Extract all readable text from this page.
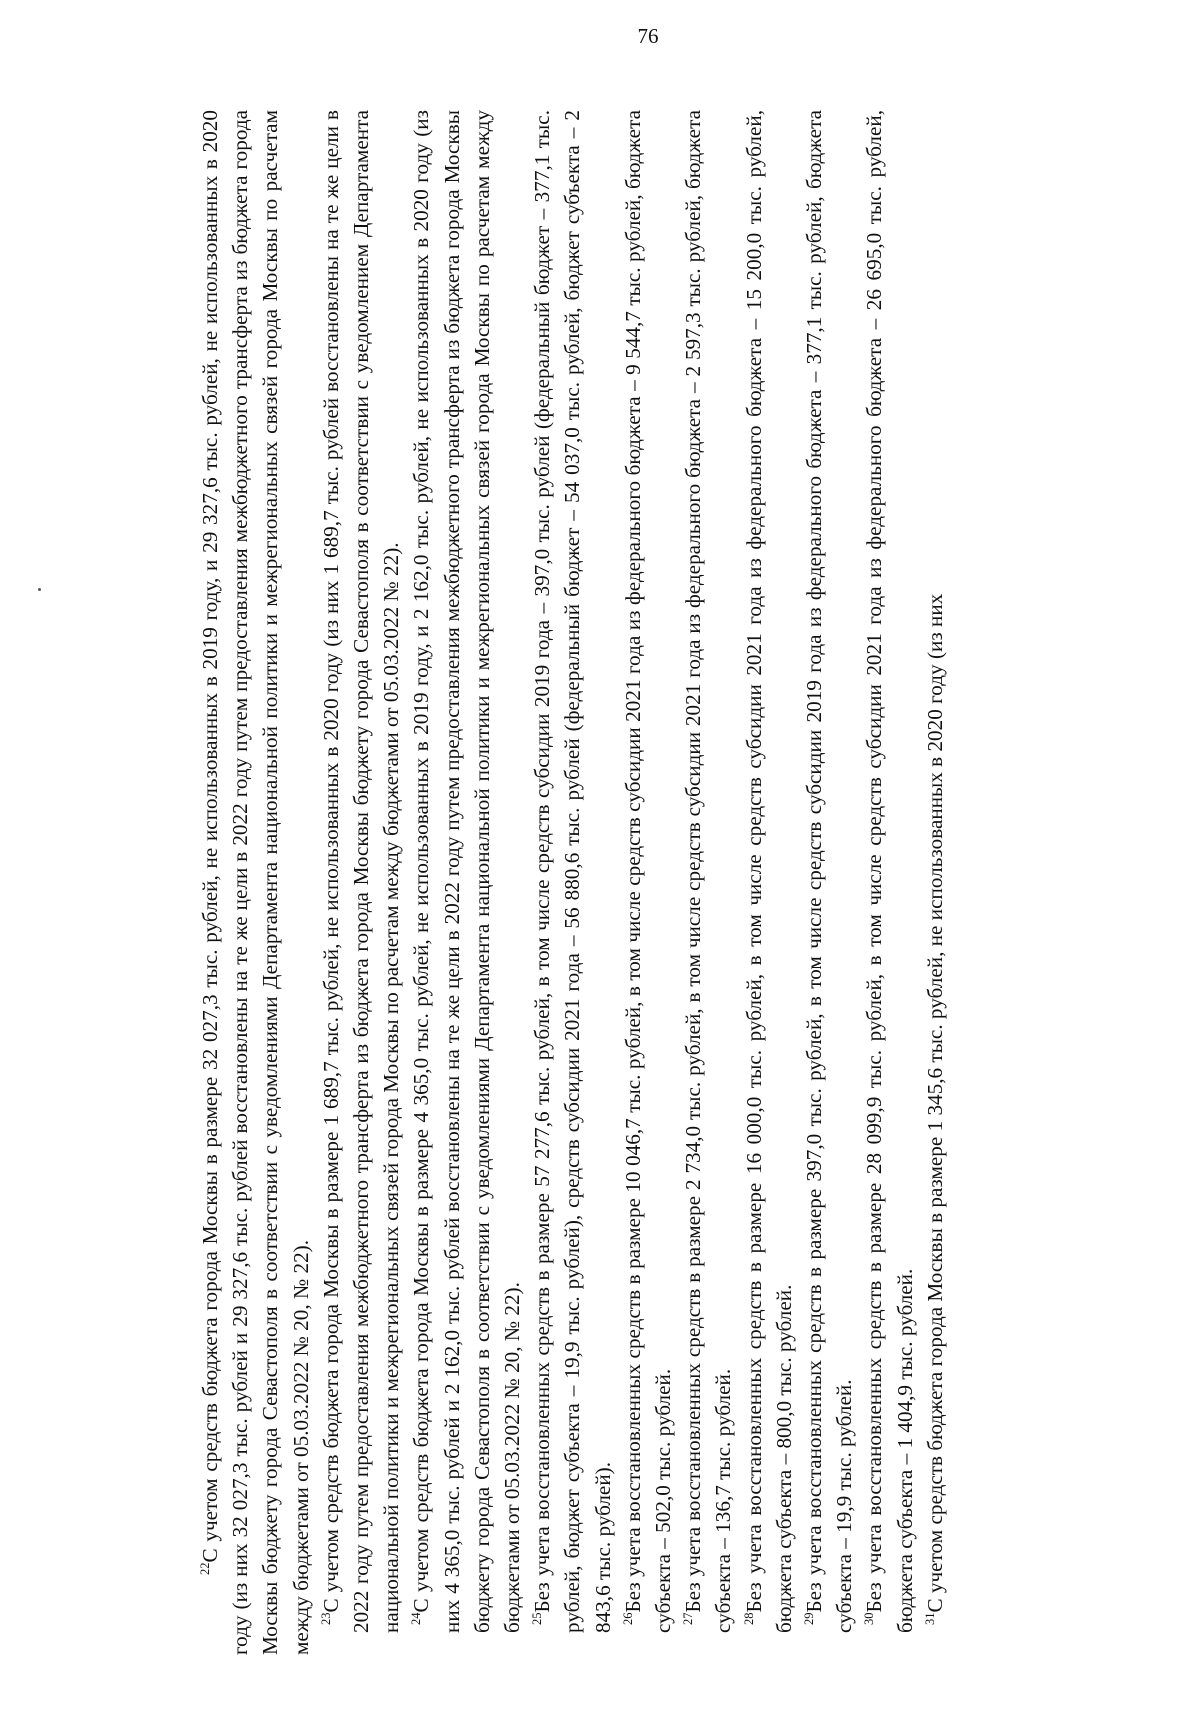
76

$^{22}$С учетом средств бюджета города Москвы в размере 32 027,3 тыс. рублей, не использованных в 2019 году, и 29 327,6 тыс. рублей, не использованных в 2020 году (из них 32 027,3 тыс. рублей и 29 327,6 тыс. рублей восстановлены на те же цели в 2022 году путем предоставления межбюджетного трансферта из бюджета города Москвы бюджету города Севастополя в соответствии с уведомлениями Департамента национальной политики и межрегиональных связей города Москвы по расчетам между бюджетами от 05.03.2022 № 20, № 22). $^{23}$С учетом средств бюджета города Москвы в размере 1 689,7 тыс. рублей, не использованных в 2020 году (из них 1 689,7 тыс. рублей восстановлены на те же цели в 2022 году путем предоставления межбюджетного трансферта из бюджета города Москвы бюджету города Севастополя в соответствии с уведомлением Департамента национальной политики и межрегиональных связей города Москвы по расчетам между бюджетами от 05.03.2022 № 22). $^{24}$С учетом средств бюджета города Москвы в размере 4 365,0 тыс. рублей, не использованных в 2019 году, и 2 162,0 тыс. рублей, не использованных в 2020 году (из них 4 365,0 тыс. рублей и 2 162,0 тыс. рублей восстановлены на те же цели в 2022 году путем предоставления межбюджетного трансферта из бюджета города Москвы бюджету города Севастополя в соответствии с уведомлениями Департамента национальной политики и межрегиональных связей города Москвы по расчетам между бюджетами от 05.03.2022 № 20, № 22). $^{25}$Без учета восстановленных средств в размере 57 277,6 тыс. рублей, в том числе средств субсидии 2019 года – 397,0 тыс. рублей (федеральный бюджет – 377,1 тыс. рублей, бюджет субъекта – 19,9 тыс. рублей), средств субсидии 2021 года – 56 880,6 тыс. рублей (федеральный бюджет – 54 037,0 тыс. рублей, бюджет субъекта – 2 843,6 тыс. рублей). $^{26}$Без учета восстановленных средств в размере 10 046,7 тыс. рублей, в том числе средств субсидии 2021 года из федерального бюджета – 9 544,7 тыс. рублей, бюджета субъекта – 502,0 тыс. рублей. $^{27}$Без учета восстановленных средств в размере 2 734,0 тыс. рублей, в том числе средств субсидии 2021 года из федерального бюджета – 2 597,3 тыс. рублей, бюджета субъекта – 136,7 тыс. рублей. $^{28}$Без учета восстановленных средств в размере 16 000,0 тыс. рублей, в том числе средств субсидии 2021 года из федерального бюджета – 15 200,0 тыс. рублей, бюджета субъекта – 800,0 тыс. рублей. $^{29}$Без учета восстановленных средств в размере 397,0 тыс. рублей, в том числе средств субсидии 2019 года из федерального бюджета – 377,1 тыс. рублей, бюджета субъекта – 19,9 тыс. рублей. $^{30}$Без учета восстановленных средств в размере 28 099,9 тыс. рублей, в том числе средств субсидии 2021 года из федерального бюджета – 26 695,0 тыс. рублей, бюджета субъекта – 1 404,9 тыс. рублей. $^{31}$С учетом средств бюджета города Москвы в размере 1 345,6 тыс. рублей, не использованных в 2020 году (из них
